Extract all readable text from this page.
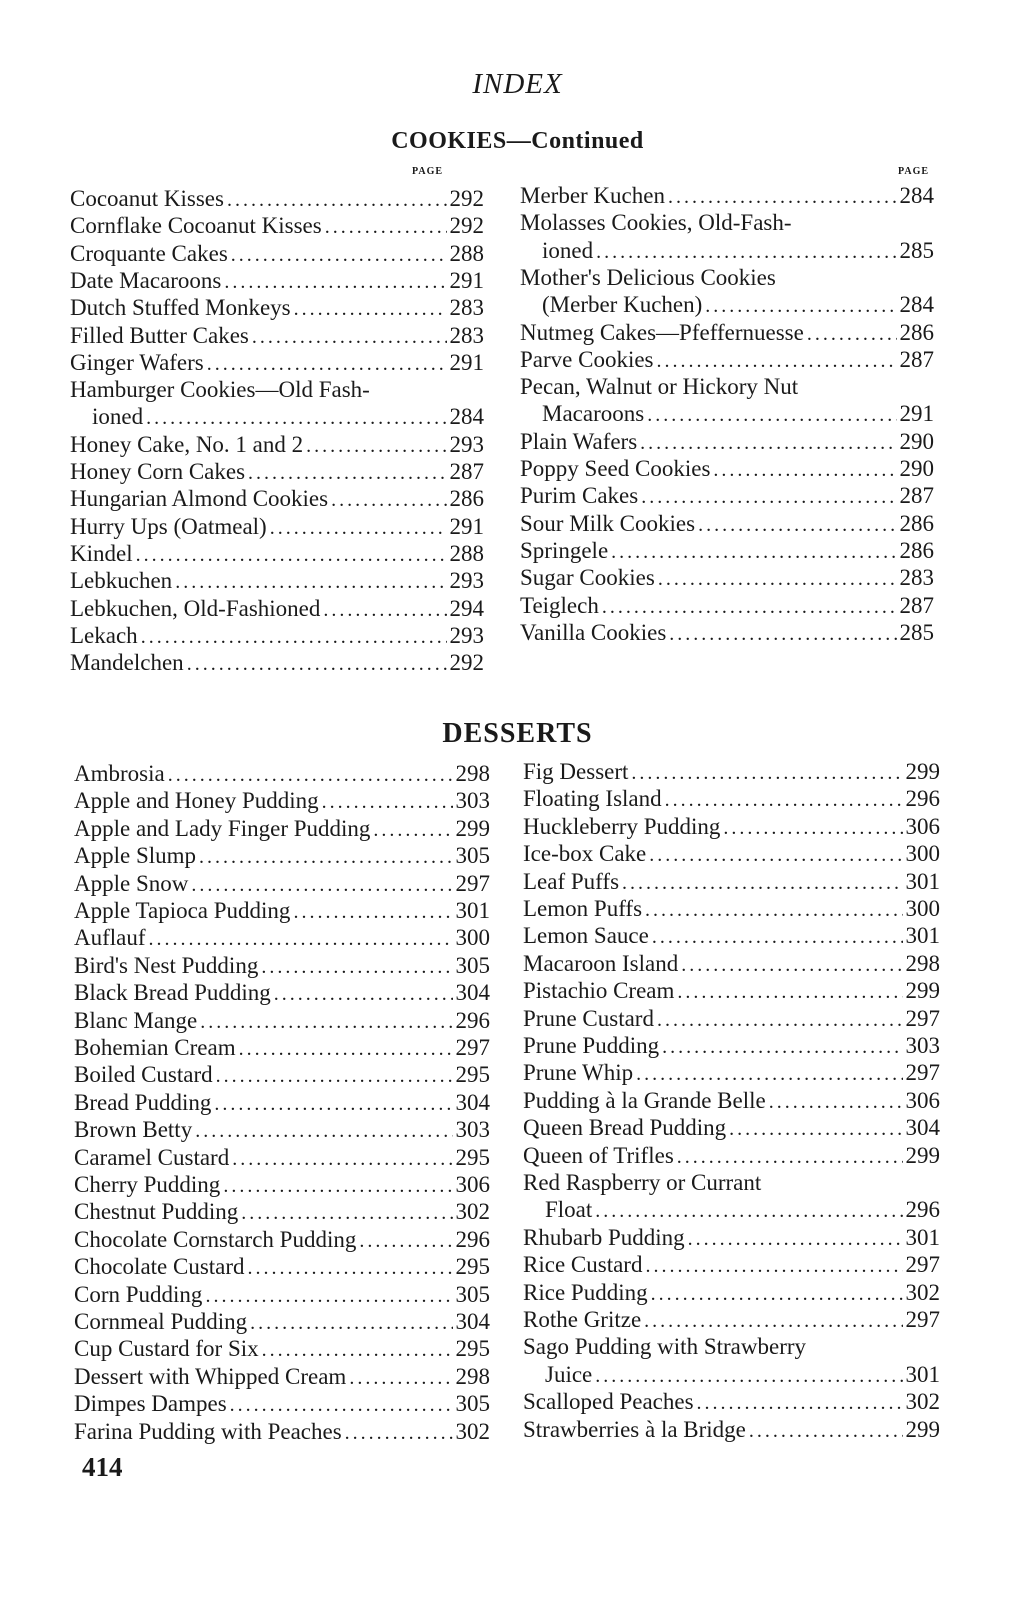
INDEX
COOKIES—Continued
PAGE	PAGE
Cocoanut Kisses .....	292
Cornflake Cocoanut Kisses .....	292
Croquante Cakes .....	288
Date Macaroons .....	291
Dutch Stuffed Monkeys .....	283
Filled Butter Cakes .....	283
Ginger Wafers .....	291
Hamburger Cookies—Old Fash-
ioned .....	284
Honey Cake, No. 1 and 2 .....	293
Honey Corn Cakes .....	287
Hungarian Almond Cookies .....	286
Hurry Ups (Oatmeal) .....	291
Kindel .....	288
Lebkuchen .....	293
Lebkuchen, Old-Fashioned .....	294
Lekach .....	293
Mandelchen .....	292
Merber Kuchen .....	284
Molasses Cookies, Old-Fash-
ioned .....	285
Mother's Delicious Cookies
(Merber Kuchen) .....	284
Nutmeg Cakes—Pfeffernuesse .....	286
Parve Cookies .....	287
Pecan, Walnut or Hickory Nut
Macaroons .....	291
Plain Wafers .....	290
Poppy Seed Cookies .....	290
Purim Cakes .....	287
Sour Milk Cookies .....	286
Springele .....	286
Sugar Cookies .....	283
Teiglech .....	287
Vanilla Cookies .....	285
DESSERTS
Ambrosia .....	298
Apple and Honey Pudding .....	303
Apple and Lady Finger Pudding .....	299
Apple Slump .....	305
Apple Snow .....	297
Apple Tapioca Pudding .....	301
Auflauf .....	300
Bird's Nest Pudding .....	305
Black Bread Pudding .....	304
Blanc Mange .....	296
Bohemian Cream .....	297
Boiled Custard .....	295
Bread Pudding .....	304
Brown Betty .....	303
Caramel Custard .....	295
Cherry Pudding .....	306
Chestnut Pudding .....	302
Chocolate Cornstarch Pudding .....	296
Chocolate Custard .....	295
Corn Pudding .....	305
Cornmeal Pudding .....	304
Cup Custard for Six .....	295
Dessert with Whipped Cream .....	298
Dimpes Dampes .....	305
Farina Pudding with Peaches .....	302
Fig Dessert .....	299
Floating Island .....	296
Huckleberry Pudding .....	306
Ice-box Cake .....	300
Leaf Puffs .....	301
Lemon Puffs .....	300
Lemon Sauce .....	301
Macaroon Island .....	298
Pistachio Cream .....	299
Prune Custard .....	297
Prune Pudding .....	303
Prune Whip .....	297
Pudding à la Grande Belle .....	306
Queen Bread Pudding .....	304
Queen of Trifles .....	299
Red Raspberry or Currant
Float .....	296
Rhubarb Pudding .....	301
Rice Custard .....	297
Rice Pudding .....	302
Rothe Gritze .....	297
Sago Pudding with Strawberry
Juice .....	301
Scalloped Peaches .....	302
Strawberries à la Bridge .....	299
414
